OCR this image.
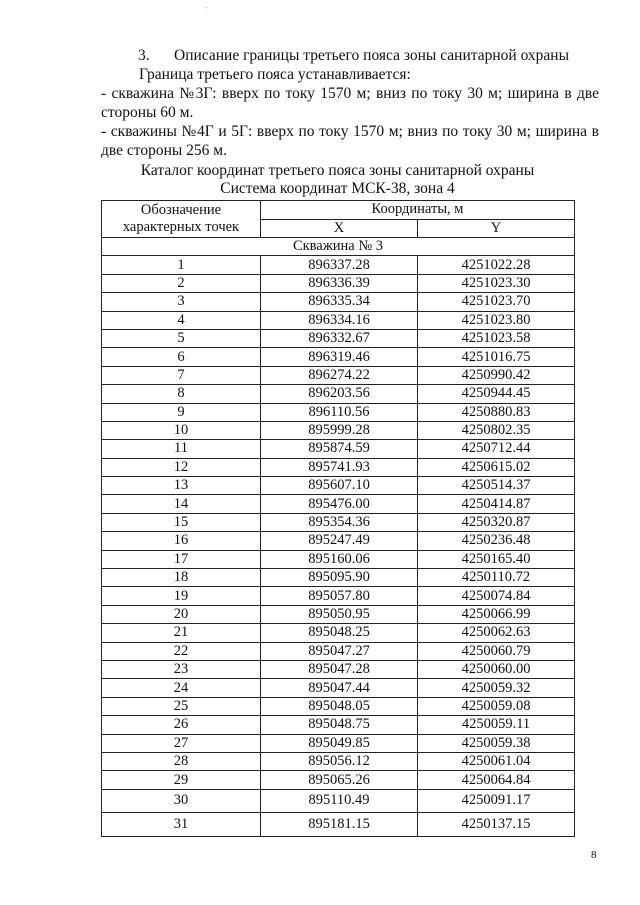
ˋ
3. Описание границы третьего пояса зоны санитарной охраны
Граница третьего пояса устанавливается:
- скважина №3Г: вверх по току 1570 м; вниз по току 30 м; ширина в две стороны 60 м.
- скважины №4Г и 5Г: вверх по току 1570 м; вниз по току 30 м; ширина в две стороны 256 м.
Каталог координат третьего пояса зоны санитарной охраны
Система координат МСК-38, зона 4
Обозначение характерных точек	Координаты, м	
	X	Y
Скважина № 3		
1	896337.28	4251022.28
2	896336.39	4251023.30
3	896335.34	4251023.70
4	896334.16	4251023.80
5	896332.67	4251023.58
6	896319.46	4251016.75
7	896274.22	4250990.42
8	896203.56	4250944.45
9	896110.56	4250880.83
10	895999.28	4250802.35
11	895874.59	4250712.44
12	895741.93	4250615.02
13	895607.10	4250514.37
14	895476.00	4250414.87
15	895354.36	4250320.87
16	895247.49	4250236.48
17	895160.06	4250165.40
18	895095.90	4250110.72
19	895057.80	4250074.84
20	895050.95	4250066.99
21	895048.25	4250062.63
22	895047.27	4250060.79
23	895047.28	4250060.00
24	895047.44	4250059.32
25	895048.05	4250059.08
26	895048.75	4250059.11
27	895049.85	4250059.38
28	895056.12	4250061.04
29	895065.26	4250064.84
30	895110.49	4250091.17
31	895181.15	4250137.15
8
